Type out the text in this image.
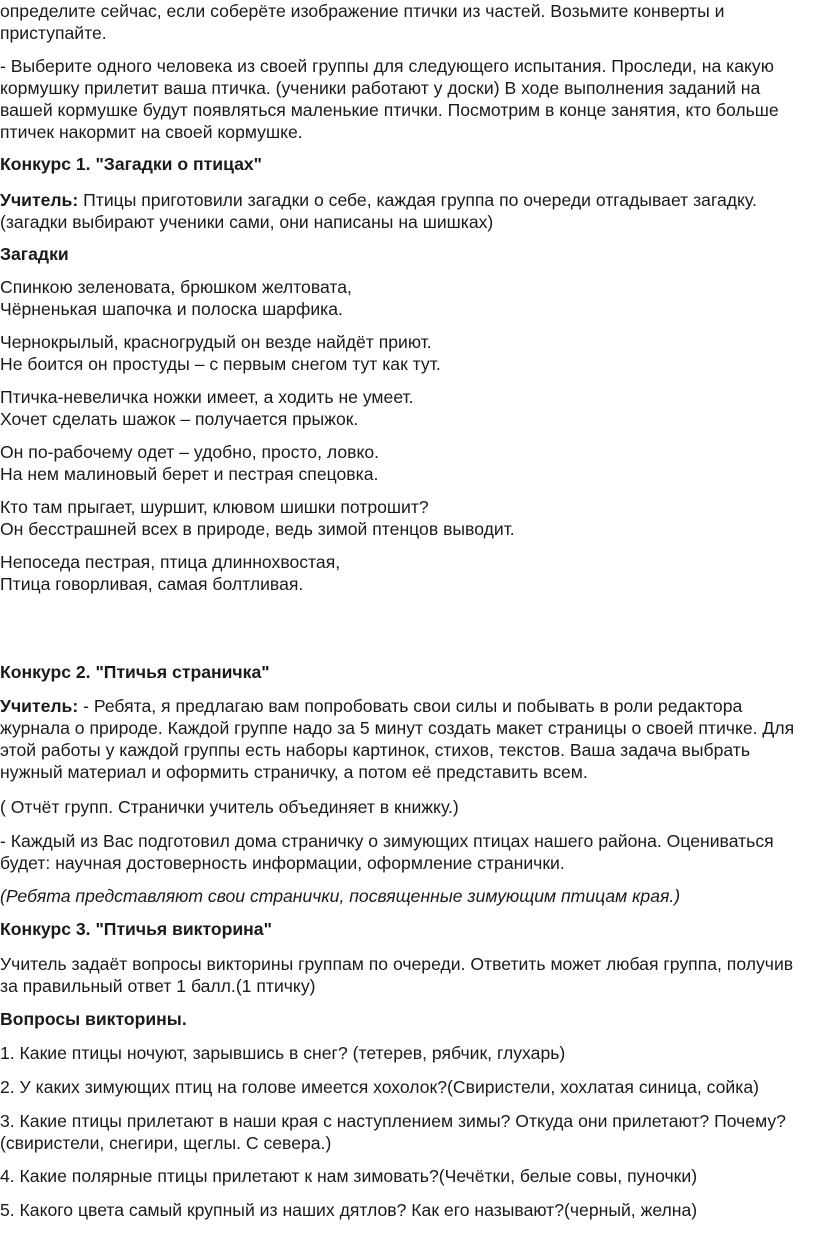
определите сейчас, если соберёте изображение птички из частей. Возьмите конверты и приступайте.

- Выберите одного человека из своей группы для следующего испытания. Проследи, на какую кормушку прилетит ваша птичка. (ученики работают у доски) В ходе выполнения заданий на вашей кормушке будут появляться маленькие птички. Посмотрим в конце занятия, кто больше птичек накормит на своей кормушке.

Конкурс 1. "Загадки о птицах"

Учитель: Птицы приготовили загадки о себе, каждая группа по очереди отгадывает загадку. (загадки выбирают ученики сами, они написаны на шишках)

Загадки

Спинкою зеленовата, брюшком желтовата,
Чёрненькая шапочка и полоска шарфика.

Чернокрылый, красногрудый он везде найдёт приют.
Не боится он простуды – с первым снегом тут как тут.

Птичка-невеличка ножки имеет, а ходить не умеет.
Хочет сделать шажок – получается прыжок.

Он по-рабочему одет – удобно, просто, ловко.
На нем малиновый берет и пестрая спецовка.

Кто там прыгает, шуршит, клювом шишки потрошит?
Он бесстрашней всех в природе, ведь зимой птенцов выводит.

Непоседа пестрая, птица длиннохвостая,
Птица говорливая, самая болтливая.

Конкурс 2. "Птичья страничка"

Учитель: - Ребята, я предлагаю вам попробовать свои силы и побывать в роли редактора журнала о природе. Каждой группе надо за 5 минут создать макет страницы о своей птичке. Для этой работы у каждой группы есть наборы картинок, стихов, текстов. Ваша задача выбрать нужный материал и оформить страничку, а потом её представить всем.

( Отчёт групп. Странички учитель объединяет в книжку.)

- Каждый из Вас подготовил дома страничку о зимующих птицах нашего района. Оцениваться будет: научная достоверность информации, оформление странички.

(Ребята представляют свои странички, посвященные зимующим птицам края.)

Конкурс 3. "Птичья викторина"

Учитель задаёт вопросы викторины группам по очереди. Ответить может любая группа, получив за правильный ответ 1 балл.(1 птичку)

Вопросы викторины.

1. Какие птицы ночуют, зарывшись в снег? (тетерев, рябчик, глухарь)

2. У каких зимующих птиц на голове имеется хохолок?(Свиристели, хохлатая синица, сойка)

3. Какие птицы прилетают в наши края с наступлением зимы? Откуда они прилетают? Почему? (свиристели, снегири, щеглы. С севера.)

4. Какие полярные птицы прилетают к нам зимовать?(Чечётки, белые совы, пуночки)

5. Какого цвета самый крупный из наших дятлов? Как его называют?(черный, желна)
